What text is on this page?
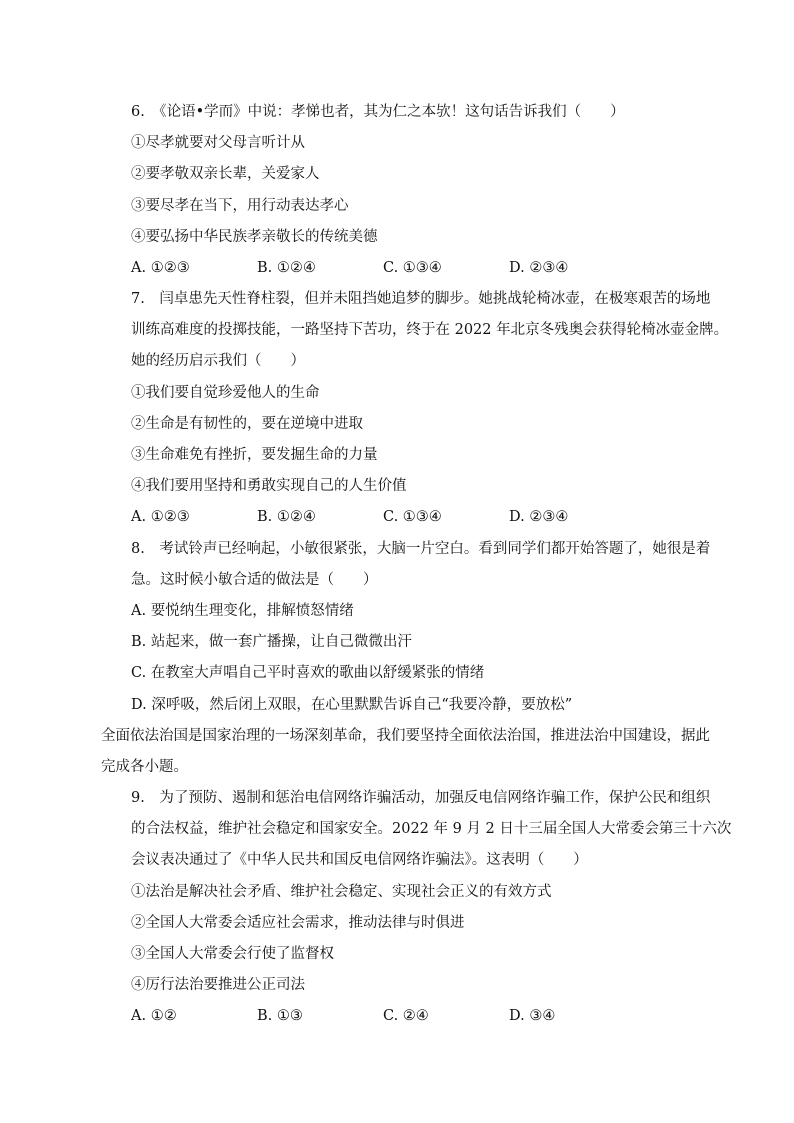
6.　《论语•学而》中说：孝悌也者，其为仁之本欤！这句话告诉我们（　　）
①尽孝就要对父母言听计从
②要孝敬双亲长辈，关爱家人
③要尽孝在当下，用行动表达孝心
④要弘扬中华民族孝亲敬长的传统美德
A. ①②③	B. ①②④	C. ①③④	D. ②③④
7.　闫卓患先天性脊柱裂，但并未阻挡她追梦的脚步。她挑战轮椅冰壶，在极寒艰苦的场地
训练高难度的投掷技能，一路坚持下苦功，终于在 2022 年北京冬残奥会获得轮椅冰壶金牌。
她的经历启示我们（　　）
①我们要自觉珍爱他人的生命
②生命是有韧性的，要在逆境中进取
③生命难免有挫折，要发掘生命的力量
④我们要用坚持和勇敢实现自己的人生价值
A. ①②③	B. ①②④	C. ①③④	D. ②③④
8.　考试铃声已经响起，小敏很紧张，大脑一片空白。看到同学们都开始答题了，她很是着
急。这时候小敏合适的做法是（　　）
A. 要悦纳生理变化，排解愤怒情绪
B. 站起来，做一套广播操，让自己微微出汗
C. 在教室大声唱自己平时喜欢的歌曲以舒缓紧张的情绪
D. 深呼吸，然后闭上双眼，在心里默默告诉自己“我要冷静，要放松”
全面依法治国是国家治理的一场深刻革命，我们要坚持全面依法治国，推进法治中国建设，据此
完成各小题。
9.　为了预防、遏制和惩治电信网络诈骗活动，加强反电信网络诈骗工作，保护公民和组织
的合法权益，维护社会稳定和国家安全。2022 年 9 月 2 日十三届全国人大常委会第三十六次
会议表决通过了《中华人民共和国反电信网络诈骗法》。这表明（　　）
①法治是解决社会矛盾、维护社会稳定、实现社会正义的有效方式
②全国人大常委会适应社会需求，推动法律与时俱进
③全国人大常委会行使了监督权
④厉行法治要推进公正司法
A. ①②	B. ①③	C. ②④	D. ③④
